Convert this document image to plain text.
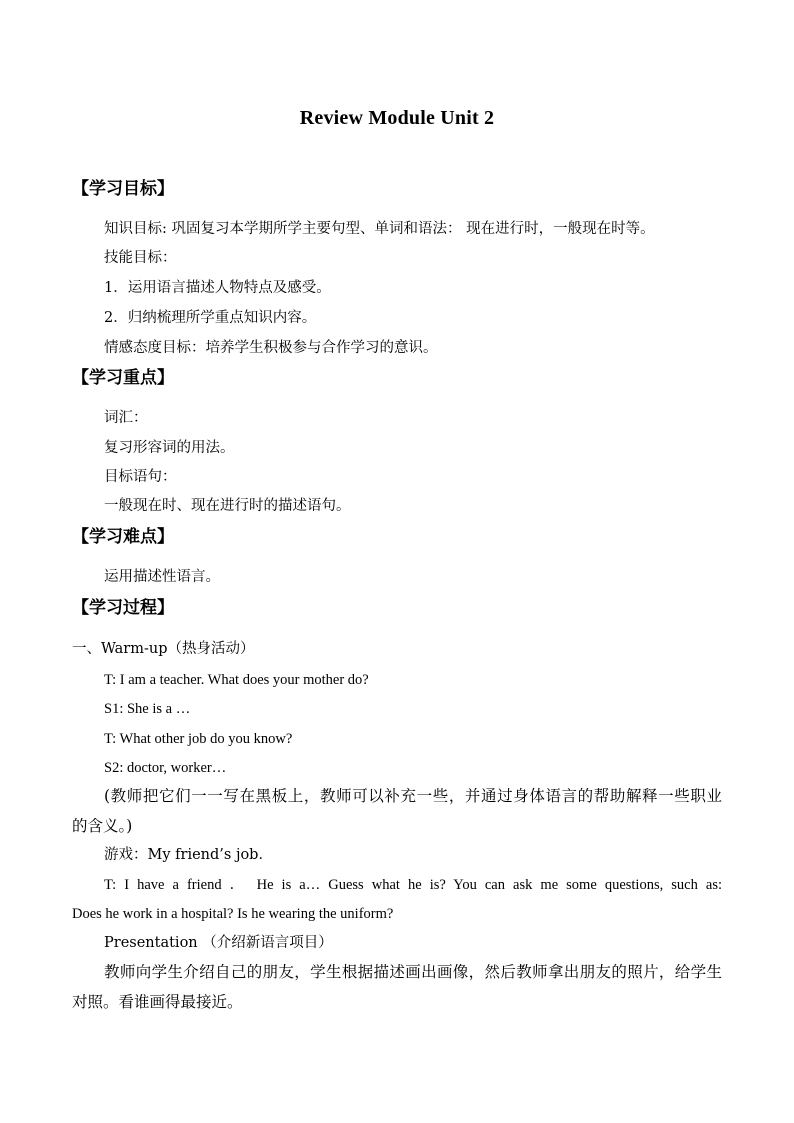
Review Module Unit 2
【学习目标】
知识目标: 巩固复习本学期所学主要句型、单词和语法： 现在进行时，一般现在时等。
技能目标：
1．运用语言描述人物特点及感受。
2．归纳梳理所学重点知识内容。
情感态度目标：培养学生积极参与合作学习的意识。
【学习重点】
词汇：
复习形容词的用法。
目标语句：
一般现在时、现在进行时的描述语句。
【学习难点】
运用描述性语言。
【学习过程】
一、Warm-up（热身活动）
T: I am a teacher. What does your mother do?
S1: She is a …
T: What other job do you know?
S2: doctor, worker…
(教师把它们一一写在黑板上，教师可以补充一些，并通过身体语言的帮助解释一些职业
的含义。)
游戏：My friend’s job．
T: I have a friend ． He is a… Guess what he is? You can ask me some questions, such as:
Does he work in a hospital? Is he wearing the uniform?
Presentation （介绍新语言项目）
教师向学生介绍自己的朋友，学生根据描述画出画像，然后教师拿出朋友的照片，给学生
对照。看谁画得最接近。
